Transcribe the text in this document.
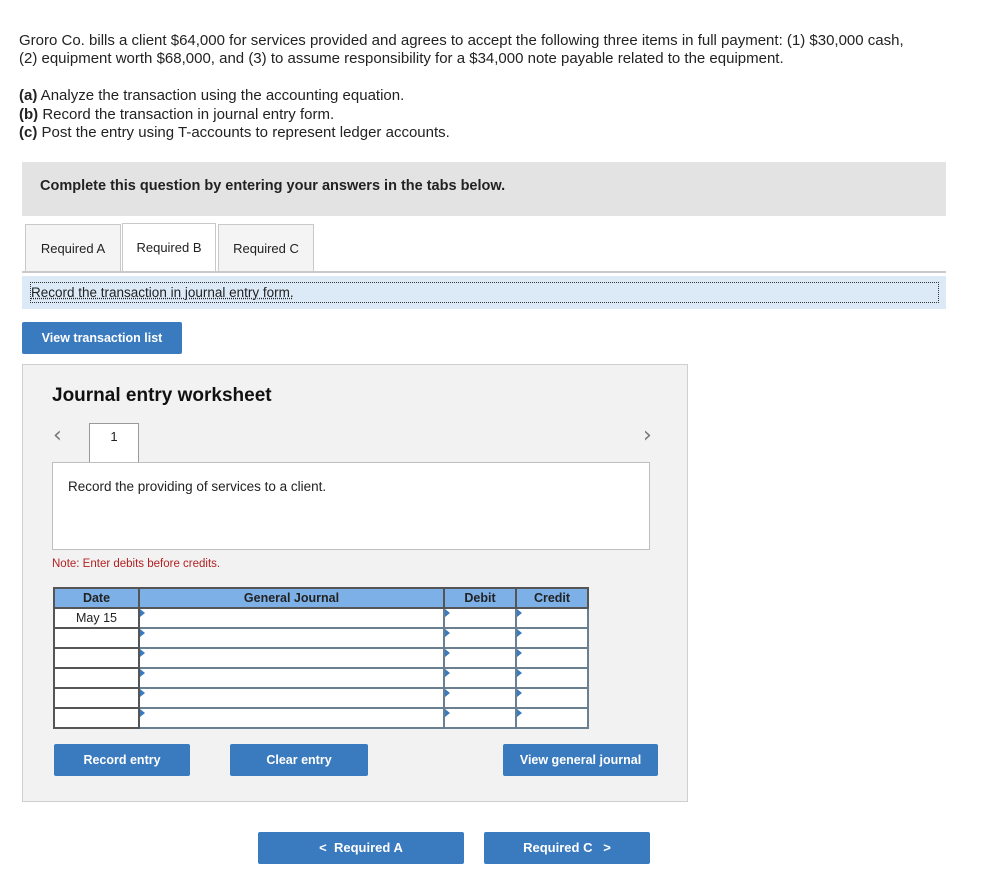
Groro Co. bills a client $64,000 for services provided and agrees to accept the following three items in full payment: (1) $30,000 cash,

(2) equipment worth $68,000, and (3) to assume responsibility for a $34,000 note payable related to the equipment.

(a) Analyze the transaction using the accounting equation.
(b) Record the transaction in journal entry form.
(c) Post the entry using T-accounts to represent ledger accounts.
Complete this question by entering your answers in the tabs below.
Required A	Required B	Required C
Record the transaction in journal entry form.
View transaction list
Journal entry worksheet
‹	1	›
Record the providing of services to a client.
Note: Enter debits before credits.
Date	General Journal	Debit	Credit
May 15	

Record entry	Clear entry	View general journal
<  Required A	Required C   >
